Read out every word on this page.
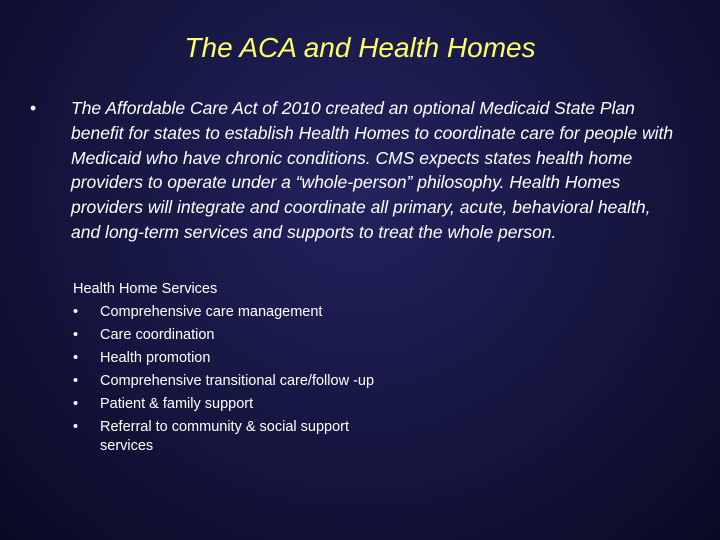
The ACA and Health Homes
• The Affordable Care Act of 2010 created an optional Medicaid State Plan benefit for states to establish Health Homes to coordinate care for people with Medicaid who have chronic conditions. CMS expects states health home providers to operate under a “whole-person” philosophy. Health Homes providers will integrate and coordinate all primary, acute, behavioral health, and long-term services and supports to treat the whole person.
Health Home Services
• Comprehensive care management
• Care coordination
• Health promotion
• Comprehensive transitional care/follow -up
• Patient & family support
• Referral to community & social support services
